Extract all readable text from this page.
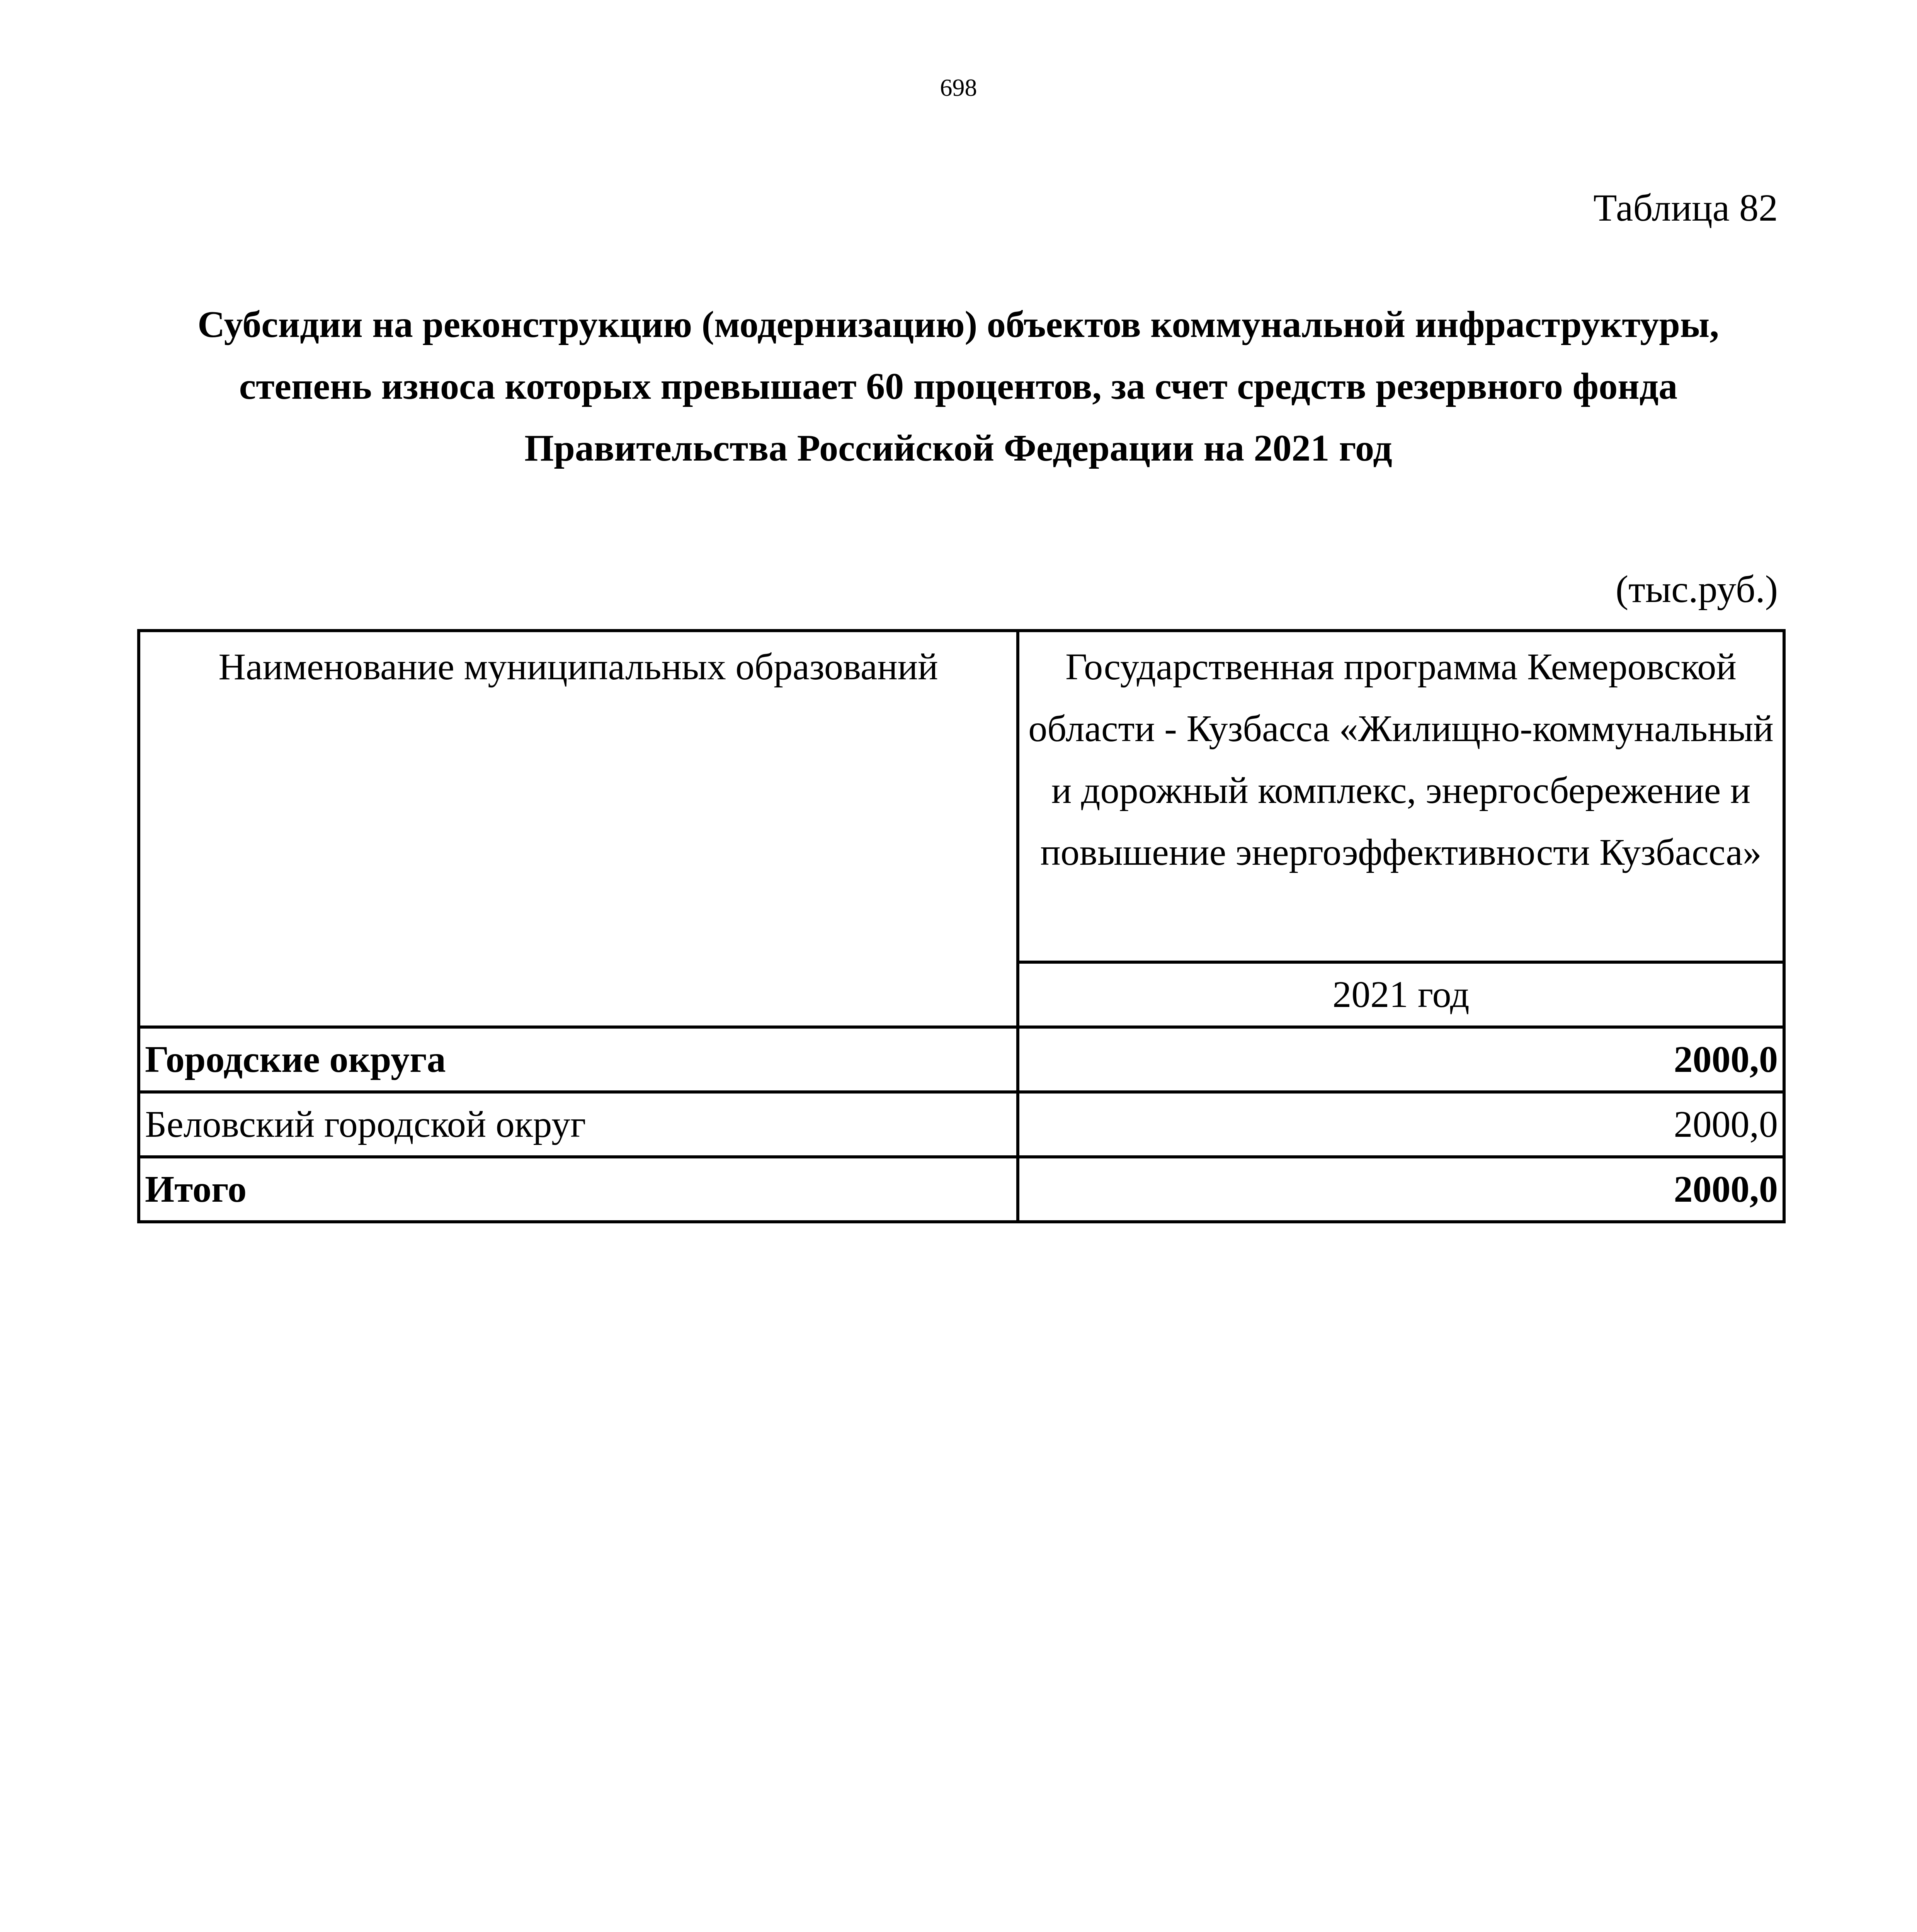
698
Таблица 82
Субсидии на реконструкцию (модернизацию) объектов коммунальной инфраструктуры, степень износа которых превышает 60 процентов, за счет средств резервного фонда Правительства Российской Федерации на 2021 год
(тыс.руб.)
Наименование муниципальных образований	Государственная программа Кемеровской области - Кузбасса «Жилищно-коммунальный и дорожный комплекс, энергосбережение и повышение энергоэффективности Кузбасса»
	2021 год
Городские округа	2000,0
Беловский городской округ	2000,0
Итого	2000,0
